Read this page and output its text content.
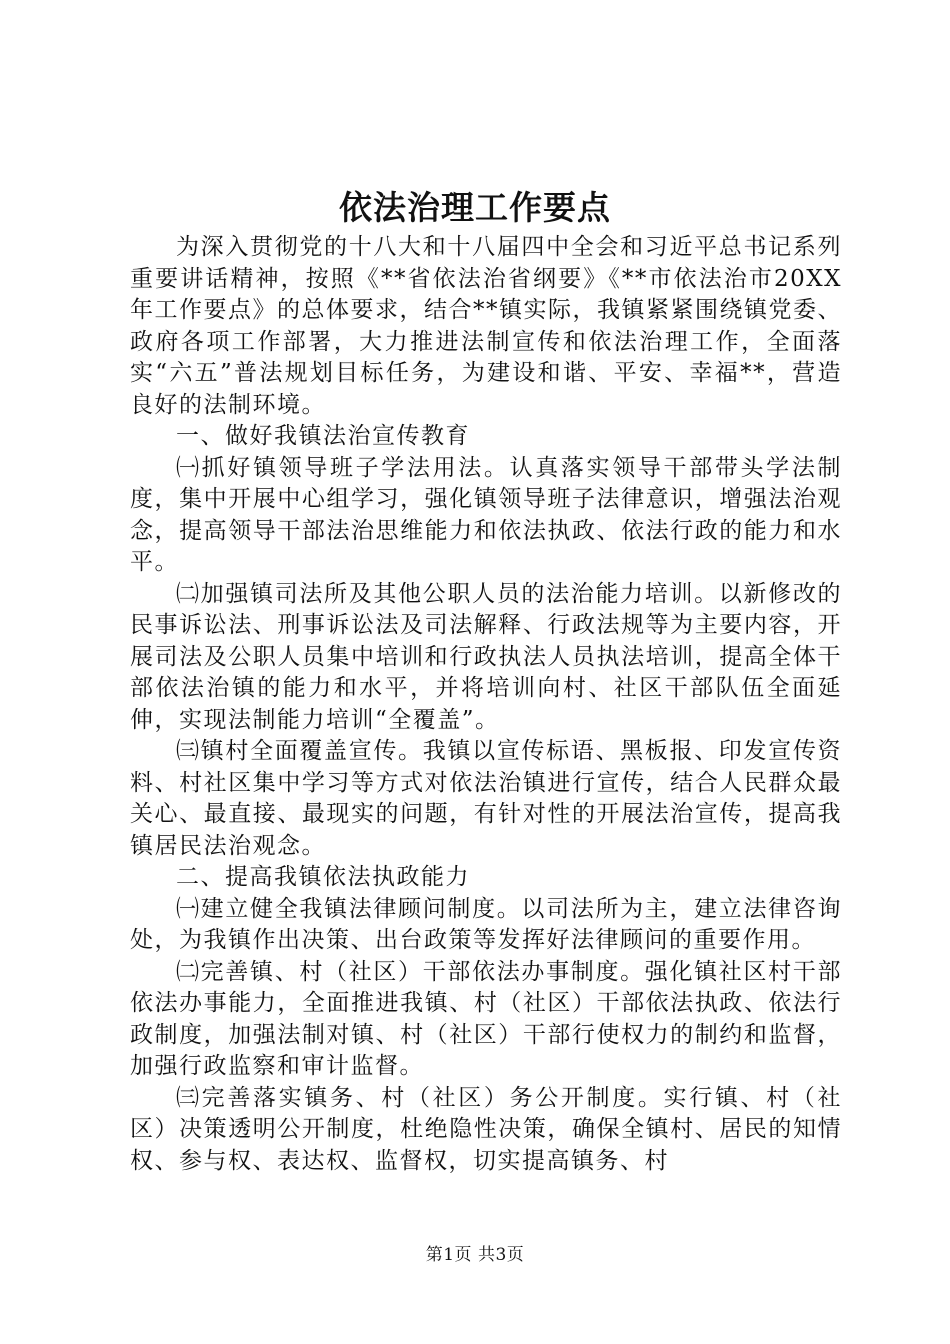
依法治理工作要点

为深入贯彻党的十八大和十八届四中全会和习近平总书记系列重要讲话精神，按照《**省依法治省纲要》《**市依法治市20XX年工作要点》的总体要求，结合**镇实际，我镇紧紧围绕镇党委、政府各项工作部署，大力推进法制宣传和依法治理工作，全面落实“六五”普法规划目标任务，为建设和谐、平安、幸福**，营造良好的法制环境。

一、做好我镇法治宣传教育

㈠抓好镇领导班子学法用法。认真落实领导干部带头学法制度，集中开展中心组学习，强化镇领导班子法律意识，增强法治观念，提高领导干部法治思维能力和依法执政、依法行政的能力和水平。

㈡加强镇司法所及其他公职人员的法治能力培训。以新修改的民事诉讼法、刑事诉讼法及司法解释、行政法规等为主要内容，开展司法及公职人员集中培训和行政执法人员执法培训，提高全体干部依法治镇的能力和水平，并将培训向村、社区干部队伍全面延伸，实现法制能力培训“全覆盖”。

㈢镇村全面覆盖宣传。我镇以宣传标语、黑板报、印发宣传资料、村社区集中学习等方式对依法治镇进行宣传，结合人民群众最关心、最直接、最现实的问题，有针对性的开展法治宣传，提高我镇居民法治观念。

二、提高我镇依法执政能力

㈠建立健全我镇法律顾问制度。以司法所为主，建立法律咨询处，为我镇作出决策、出台政策等发挥好法律顾问的重要作用。

㈡完善镇、村（社区）干部依法办事制度。强化镇社区村干部依法办事能力，全面推进我镇、村（社区）干部依法执政、依法行政制度，加强法制对镇、村（社区）干部行使权力的制约和监督，加强行政监察和审计监督。

㈢完善落实镇务、村（社区）务公开制度。实行镇、村（社区）决策透明公开制度，杜绝隐性决策，确保全镇村、居民的知情权、参与权、表达权、监督权，切实提高镇务、村

第1页 共3页
